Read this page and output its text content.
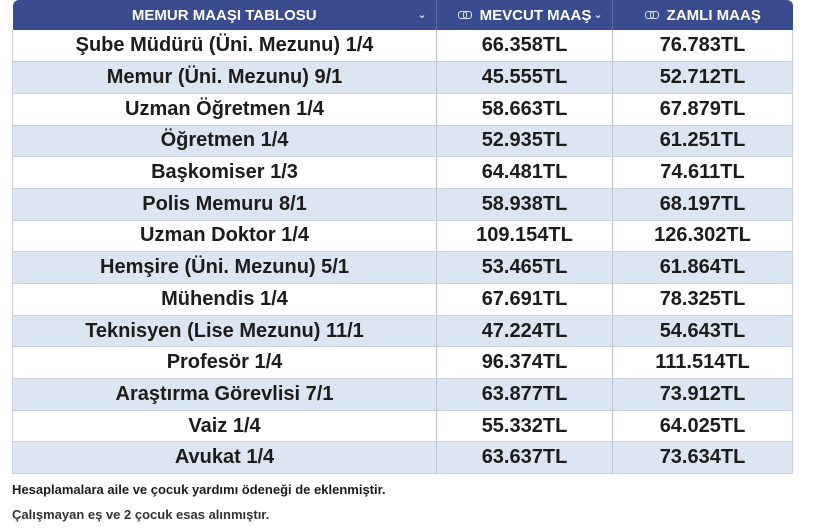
MEMUR MAAŞI TABLOSU ⌄	MEVCUT MAAŞ ⌄	ZAMLI MAAŞ

Şube Müdürü (Üni. Mezunu) 1/4	66.358TL	76.783TL
Memur (Üni. Mezunu) 9/1	45.555TL	52.712TL
Uzman Öğretmen 1/4	58.663TL	67.879TL
Öğretmen 1/4	52.935TL	61.251TL
Başkomiser 1/3	64.481TL	74.611TL
Polis Memuru 8/1	58.938TL	68.197TL
Uzman Doktor 1/4	109.154TL	126.302TL
Hemşire (Üni. Mezunu) 5/1	53.465TL	61.864TL
Mühendis 1/4	67.691TL	78.325TL
Teknisyen (Lise Mezunu) 11/1	47.224TL	54.643TL
Profesör 1/4	96.374TL	111.514TL
Araştırma Görevlisi 7/1	63.877TL	73.912TL
Vaiz 1/4	55.332TL	64.025TL
Avukat 1/4	63.637TL	73.634TL
Hesaplamalara aile ve çocuk yardımı ödeneği de eklenmiştir.
Çalışmayan eş ve 2 çocuk esas alınmıştır.
